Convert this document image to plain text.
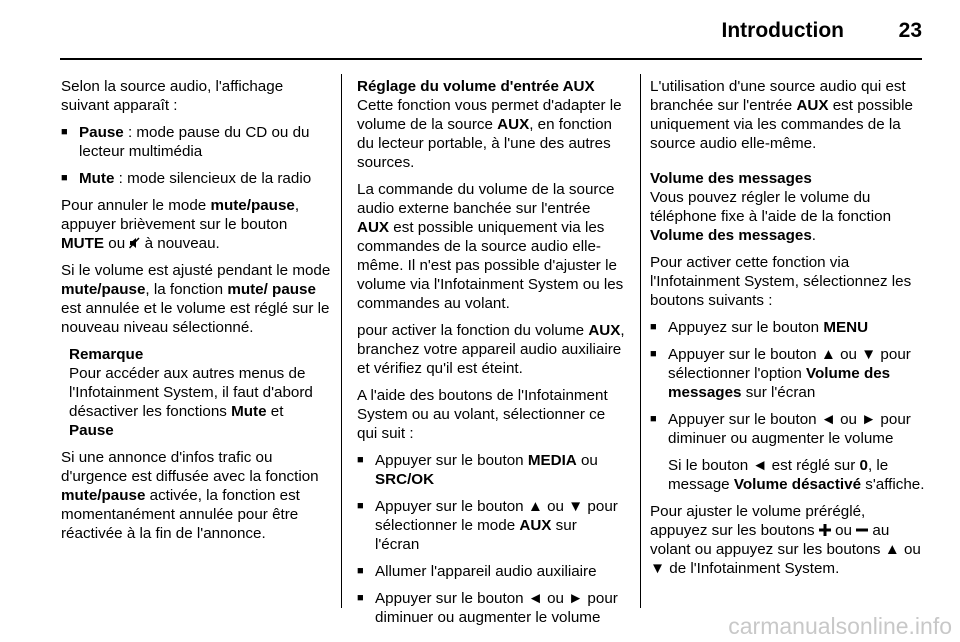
Introduction	23

Selon la source audio, l'affichage suivant apparaît :

■ Pause : mode pause du CD ou du lecteur multimédia
■ Mute : mode silencieux de la radio

Pour annuler le mode mute/pause, appuyer brièvement sur le bouton MUTE ou  à nouveau.

Si le volume est ajusté pendant le mode mute/pause, la fonction mute/ pause est annulée et le volume est réglé sur le nouveau niveau sélectionné.

Remarque
Pour accéder aux autres menus de l'Infotainment System, il faut d'abord désactiver les fonctions Mute et Pause

Si une annonce d'infos trafic ou d'urgence est diffusée avec la fonction mute/pause activée, la fonction est momentanément annulée pour être réactivée à la fin de l'annonce.

Réglage du volume d'entrée AUX

Cette fonction vous permet d'adapter le volume de la source AUX, en fonction du lecteur portable, à l'une des autres sources.

La commande du volume de la source audio externe banchée sur l'entrée AUX est possible uniquement via les commandes de la source audio elle-même. Il n'est pas possible d'ajuster le volume via l'Infotainment System ou les commandes au volant.

pour activer la fonction du volume AUX, branchez votre appareil audio auxiliaire et vérifiez qu'il est éteint.

A l'aide des boutons de l'Infotainment System ou au volant, sélectionner ce qui suit :

■ Appuyer sur le bouton MEDIA ou SRC/OK
■ Appuyer sur le bouton ▲ ou ▼ pour sélectionner le mode AUX sur l'écran
■ Allumer l'appareil audio auxiliaire
■ Appuyer sur le bouton ◄ ou ► pour diminuer ou augmenter le volume

L'utilisation d'une source audio qui est branchée sur l'entrée AUX est possible uniquement via les commandes de la source audio elle-même.

Volume des messages

Vous pouvez régler le volume du téléphone fixe à l'aide de la fonction Volume des messages.

Pour activer cette fonction via l'Infotainment System, sélectionnez les boutons suivants :

■ Appuyez sur le bouton MENU
■ Appuyer sur le bouton ▲ ou ▼ pour sélectionner l'option Volume des messages sur l'écran
■ Appuyer sur le bouton ◄ ou ► pour diminuer ou augmenter le volume
Si le bouton ◄ est réglé sur 0, le message Volume désactivé s'affiche.

Pour ajuster le volume préréglé, appuyez sur les boutons  ou  au volant ou appuyez sur les boutons ▲ ou ▼ de l'Infotainment System.

carmanualsonline.info
